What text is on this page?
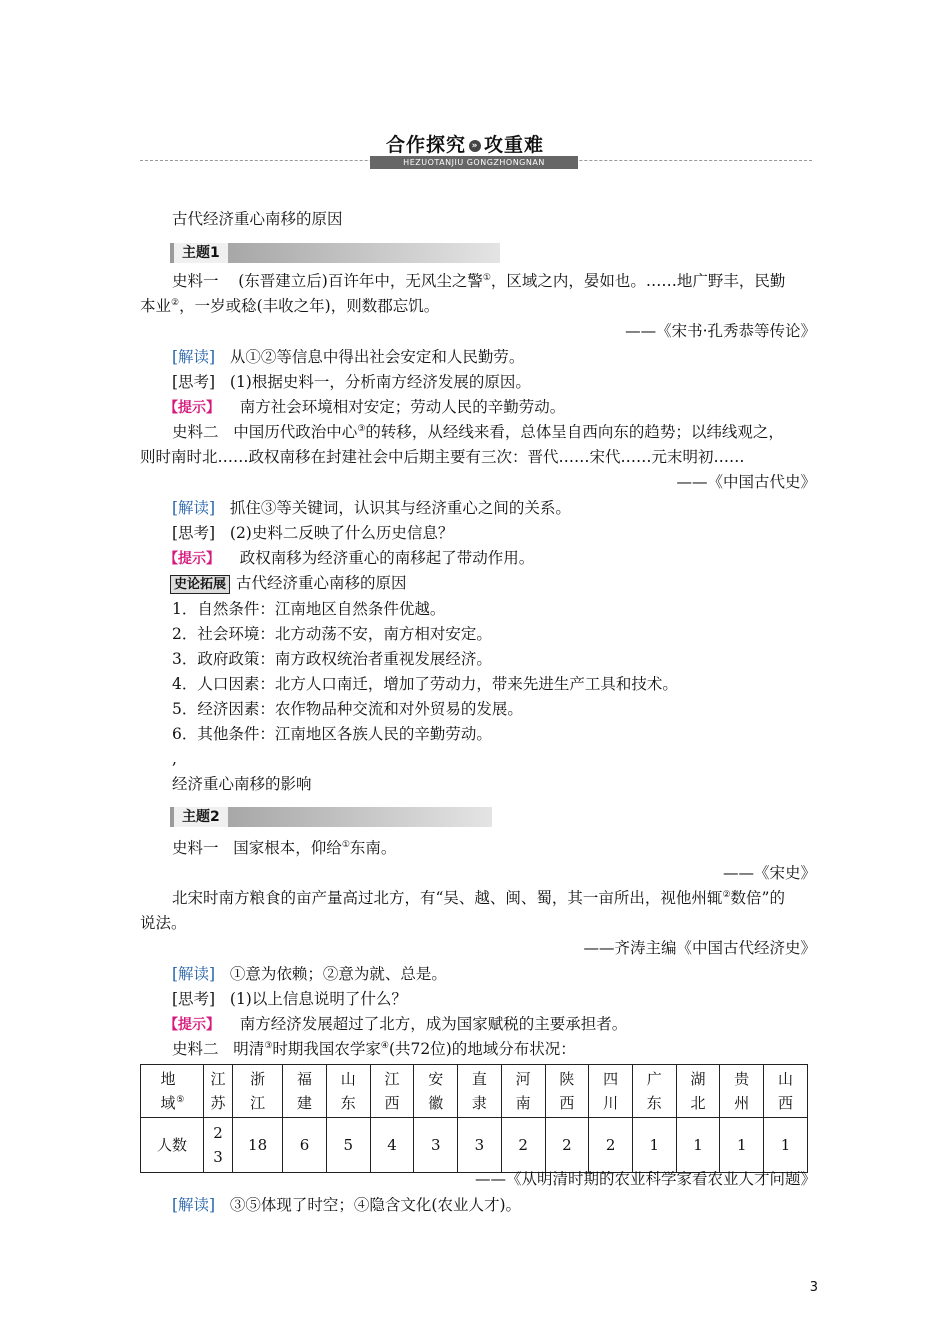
合作探究 » 攻重难
HEZUOTANJIU GONGZHONGNAN
古代经济重心南移的原因
主题1
史料一 (东晋建立后)百许年中，无风尘之警①，区域之内，晏如也。……地广野丰，民勤
本业②，一岁或稔(丰收之年)，则数郡忘饥。
——《宋书·孔秀恭等传论》
[解读] 从①②等信息中得出社会安定和人民勤劳。
[思考] (1)根据史料一，分析南方经济发展的原因。
【提示】 南方社会环境相对安定；劳动人民的辛勤劳动。
史料二 中国历代政治中心③的转移，从经线来看，总体呈自西向东的趋势；以纬线观之，
则时南时北……政权南移在封建社会中后期主要有三次：晋代……宋代……元末明初……
——《中国古代史》
[解读] 抓住③等关键词，认识其与经济重心之间的关系。
[思考] (2)史料二反映了什么历史信息？
【提示】 政权南移为经济重心的南移起了带动作用。
史论拓展 古代经济重心南移的原因
1．自然条件：江南地区自然条件优越。
2．社会环境：北方动荡不安，南方相对安定。
3．政府政策：南方政权统治者重视发展经济。
4．人口因素：北方人口南迁，增加了劳动力，带来先进生产工具和技术。
5．经济因素：农作物品种交流和对外贸易的发展。
6．其他条件：江南地区各族人民的辛勤劳动。
,
经济重心南移的影响
主题2
史料一 国家根本，仰给①东南。
——《宋史》
北宋时南方粮食的亩产量高过北方，有“吴、越、闽、蜀，其一亩所出，视他州辄②数倍”的
说法。
——齐涛主编《中国古代经济史》
[解读] ①意为依赖；②意为就、总是。
[思考] (1)以上信息说明了什么？
【提示】 南方经济发展超过了北方，成为国家赋税的主要承担者。
史料二 明清③时期我国农学家④(共72位)的地域分布状况：
地域⑤	江苏	浙江	福建	山东	江西	安徽	直隶	河南	陕西	四川	广东	湖北	贵州	山西
人数	23	18	6	5	4	3	3	2	2	2	1	1	1	1
——《从明清时期的农业科学家看农业人才问题》
[解读] ③⑤体现了时空；④隐含文化(农业人才)。
3
